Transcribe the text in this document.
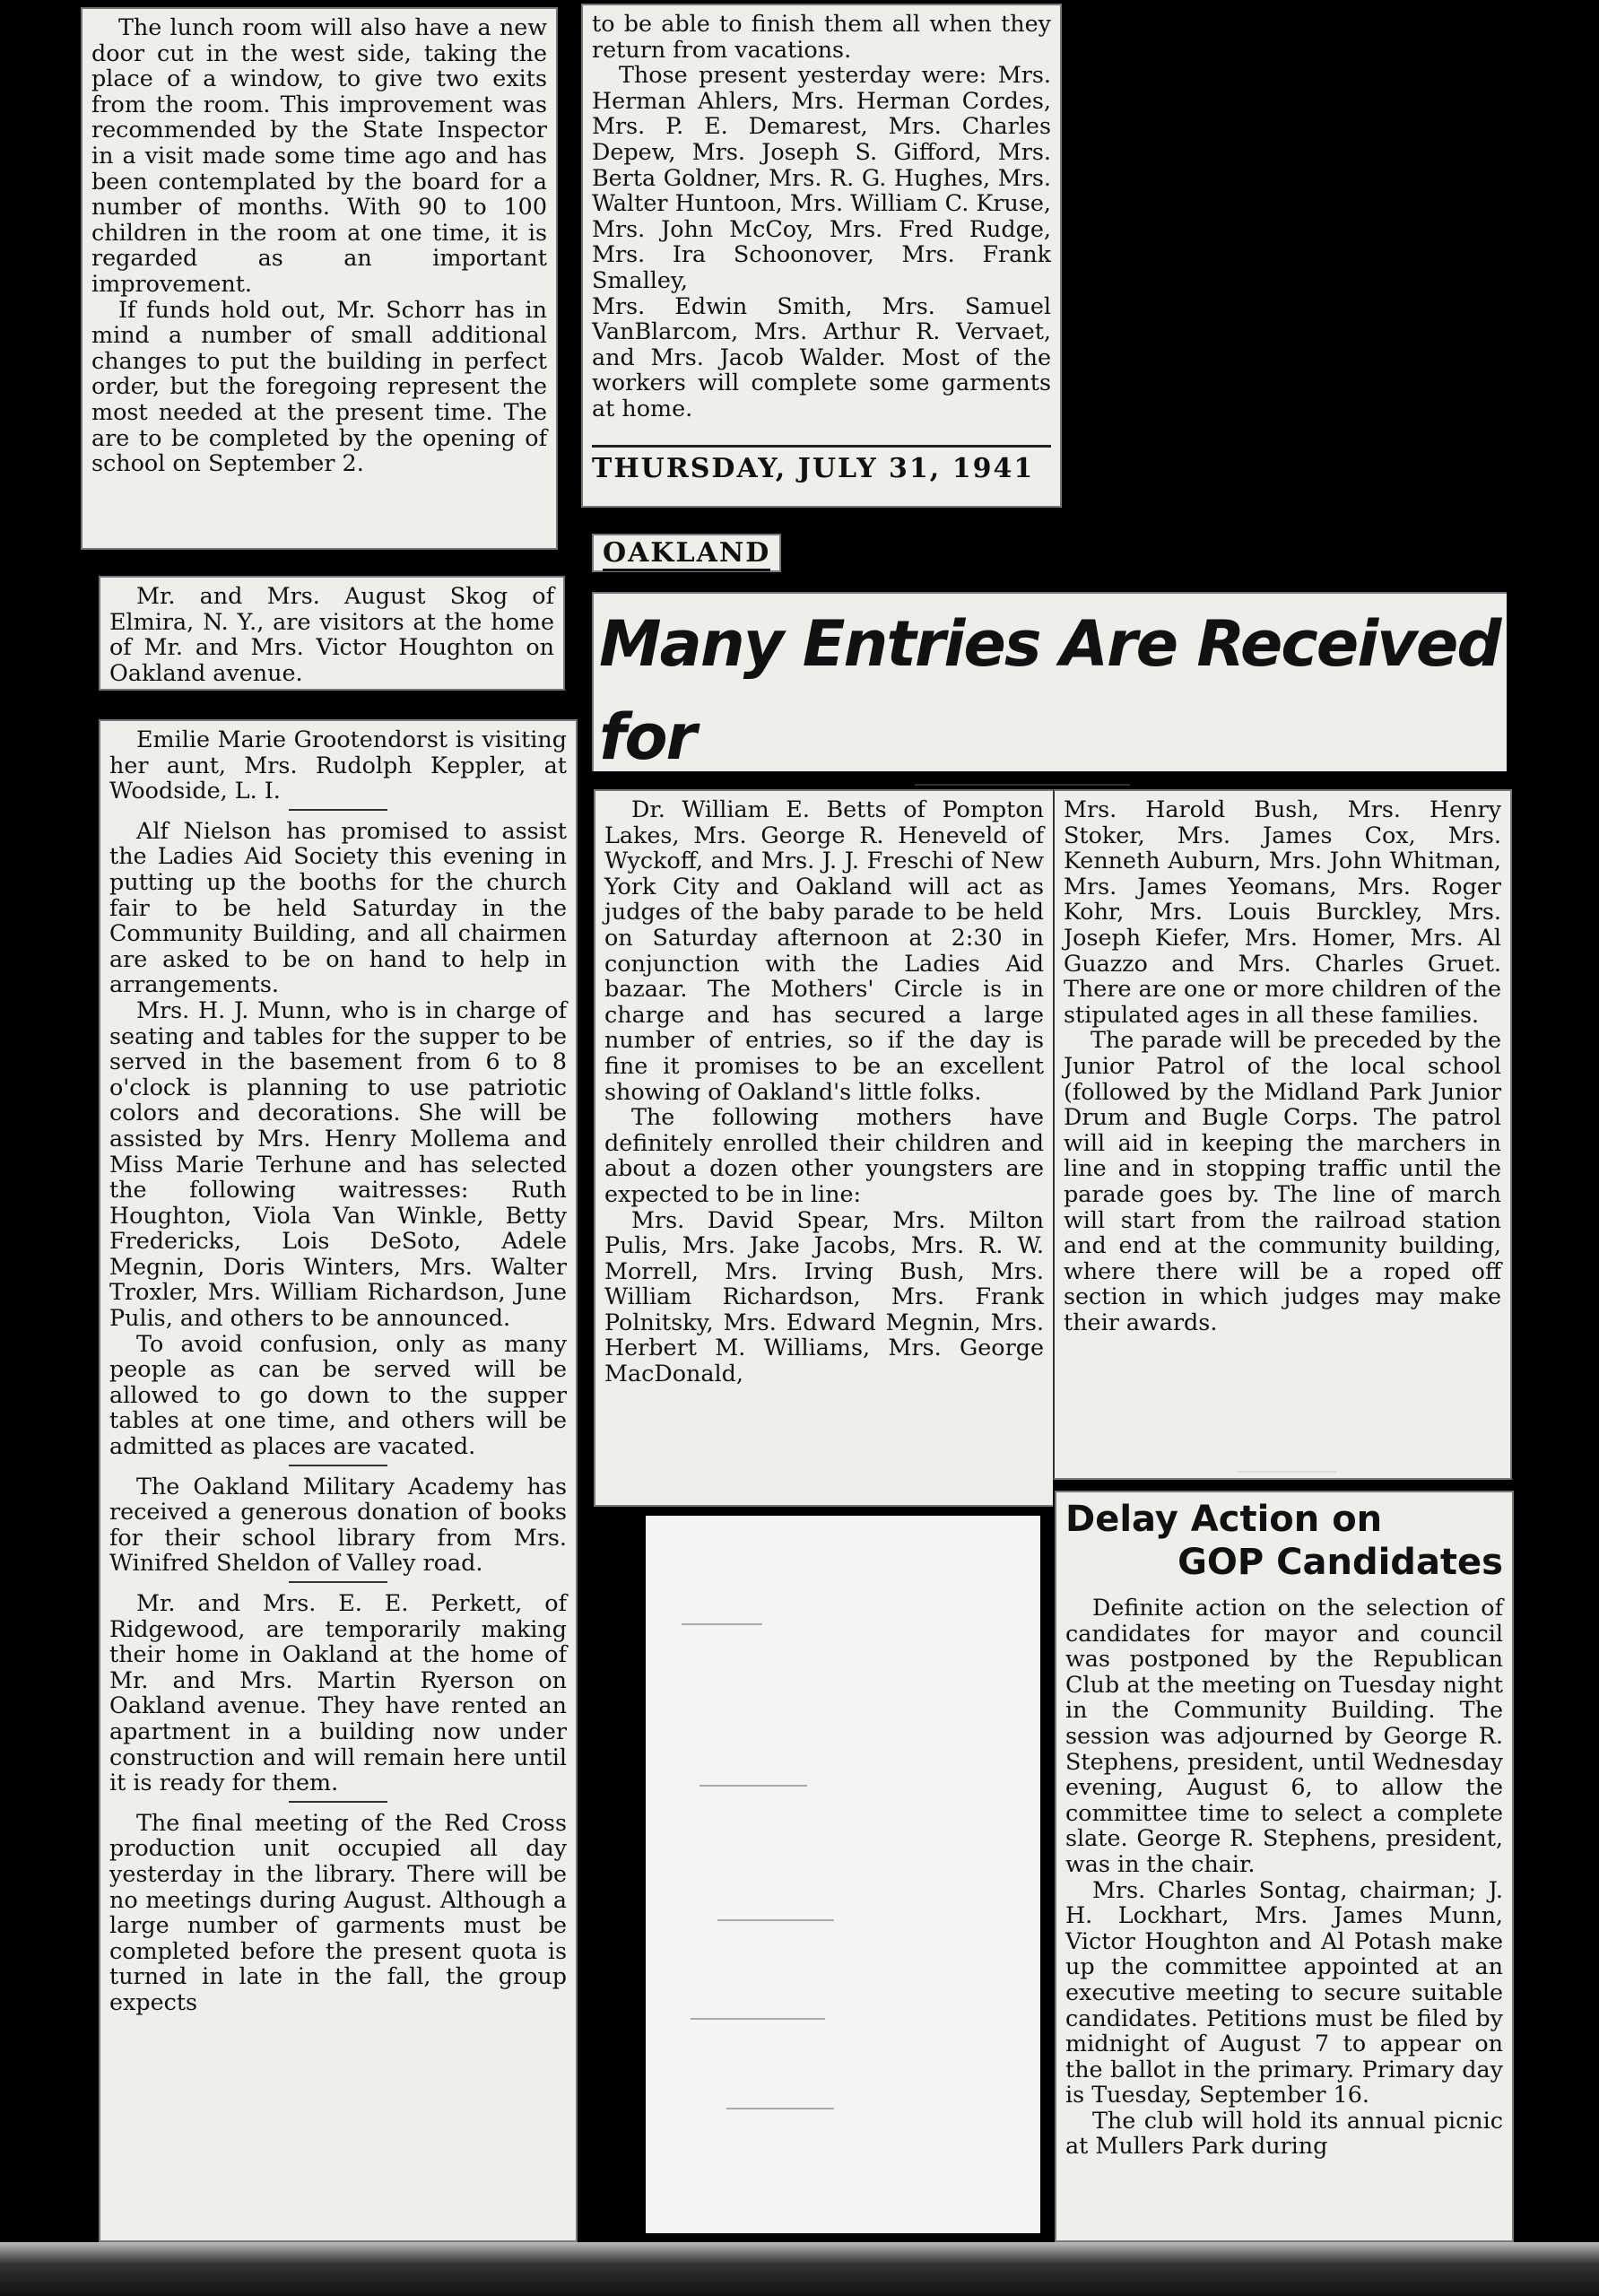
The lunch room will also have a new door cut in the west side, taking the place of a window, to give two exits from the room. This improvement was recommended by the State Inspector in a visit made some time ago and has been contemplated by the board for a number of months. With 90 to 100 children in the room at one time, it is regarded as an important improvement.

If funds hold out, Mr. Schorr has in mind a number of small additional changes to put the building in perfect order, but the foregoing represent the most needed at the present time. The are to be completed by the opening of school on September 2.

Mr. and Mrs. August Skog of Elmira, N. Y., are visitors at the home of Mr. and Mrs. Victor Houghton on Oakland avenue.

Emilie Marie Grootendorst is visiting her aunt, Mrs. Rudolph Keppler, at Woodside, L. I.

Alf Nielson has promised to assist the Ladies Aid Society this evening in putting up the booths for the church fair to be held Saturday in the Community Building, and all chairmen are asked to be on hand to help in arrangements.

Mrs. H. J. Munn, who is in charge of seating and tables for the supper to be served in the basement from 6 to 8 o'clock is planning to use patriotic colors and decorations. She will be assisted by Mrs. Henry Mollema and Miss Marie Terhune and has selected the following waitresses: Ruth Houghton, Viola Van Winkle, Betty Fredericks, Lois DeSoto, Adele Megnin, Doris Winters, Mrs. Walter Troxler, Mrs. William Richardson, June Pulis, and others to be announced.

To avoid confusion, only as many people as can be served will be allowed to go down to the supper tables at one time, and others will be admitted as places are vacated.

The Oakland Military Academy has received a generous donation of books for their school library from Mrs. Winifred Sheldon of Valley road.

Mr. and Mrs. E. E. Perkett, of Ridgewood, are temporarily making their home in Oakland at the home of Mr. and Mrs. Martin Ryerson on Oakland avenue. They have rented an apartment in a building now under construction and will remain here until it is ready for them.

The final meeting of the Red Cross production unit occupied all day yesterday in the library. There will be no meetings during August. Although a large number of garments must be completed before the present quota is turned in late in the fall, the group expects

to be able to finish them all when they return from vacations.

Those present yesterday were: Mrs. Herman Ahlers, Mrs. Herman Cordes, Mrs. P. E. Demarest, Mrs. Charles Depew, Mrs. Joseph S. Gifford, Mrs. Berta Goldner, Mrs. R. G. Hughes, Mrs. Walter Huntoon, Mrs. William C. Kruse, Mrs. John McCoy, Mrs. Fred Rudge, Mrs. Ira Schoonover, Mrs. Frank Smalley,

Mrs. Edwin Smith, Mrs. Samuel VanBlarcom, Mrs. Arthur R. Vervaet, and Mrs. Jacob Walder. Most of the workers will complete some garments at home.

THURSDAY, JULY 31, 1941
OAKLAND
Many Entries Are Received for

Dr. William E. Betts of Pompton Lakes, Mrs. George R. Heneveld of Wyckoff, and Mrs. J. J. Freschi of New York City and Oakland will act as judges of the baby parade to be held on Saturday afternoon at 2:30 in conjunction with the Ladies Aid bazaar. The Mothers' Circle is in charge and has secured a large number of entries, so if the day is fine it promises to be an excellent showing of Oakland's little folks.

The following mothers have definitely enrolled their children and about a dozen other youngsters are expected to be in line:

Mrs. David Spear, Mrs. Milton Pulis, Mrs. Jake Jacobs, Mrs. R. W. Morrell, Mrs. Irving Bush, Mrs. William Richardson, Mrs. Frank Polnitsky, Mrs. Edward Megnin, Mrs. Herbert M. Williams, Mrs. George MacDonald,

Mrs. Harold Bush, Mrs. Henry Stoker, Mrs. James Cox, Mrs. Kenneth Auburn, Mrs. John Whitman, Mrs. James Yeomans, Mrs. Roger Kohr, Mrs. Louis Burckley, Mrs. Joseph Kiefer, Mrs. Homer, Mrs. Al Guazzo and Mrs. Charles Gruet. There are one or more children of the stipulated ages in all these families.

The parade will be preceded by the Junior Patrol of the local school (followed by the Midland Park Junior Drum and Bugle Corps. The patrol will aid in keeping the marchers in line and in stopping traffic until the parade goes by. The line of march will start from the railroad station and end at the community building, where there will be a roped off section in which judges may make their awards.

Delay Action on
GOP Candidates

Definite action on the selection of candidates for mayor and council was postponed by the Republican Club at the meeting on Tuesday night in the Community Building. The session was adjourned by George R. Stephens, president, until Wednesday evening, August 6, to allow the committee time to select a complete slate. George R. Stephens, president, was in the chair.

Mrs. Charles Sontag, chairman; J. H. Lockhart, Mrs. James Munn, Victor Houghton and Al Potash make up the committee appointed at an executive meeting to secure suitable candidates. Petitions must be filed by midnight of August 7 to appear on the ballot in the primary. Primary day is Tuesday, September 16.

The club will hold its annual picnic at Mullers Park during
